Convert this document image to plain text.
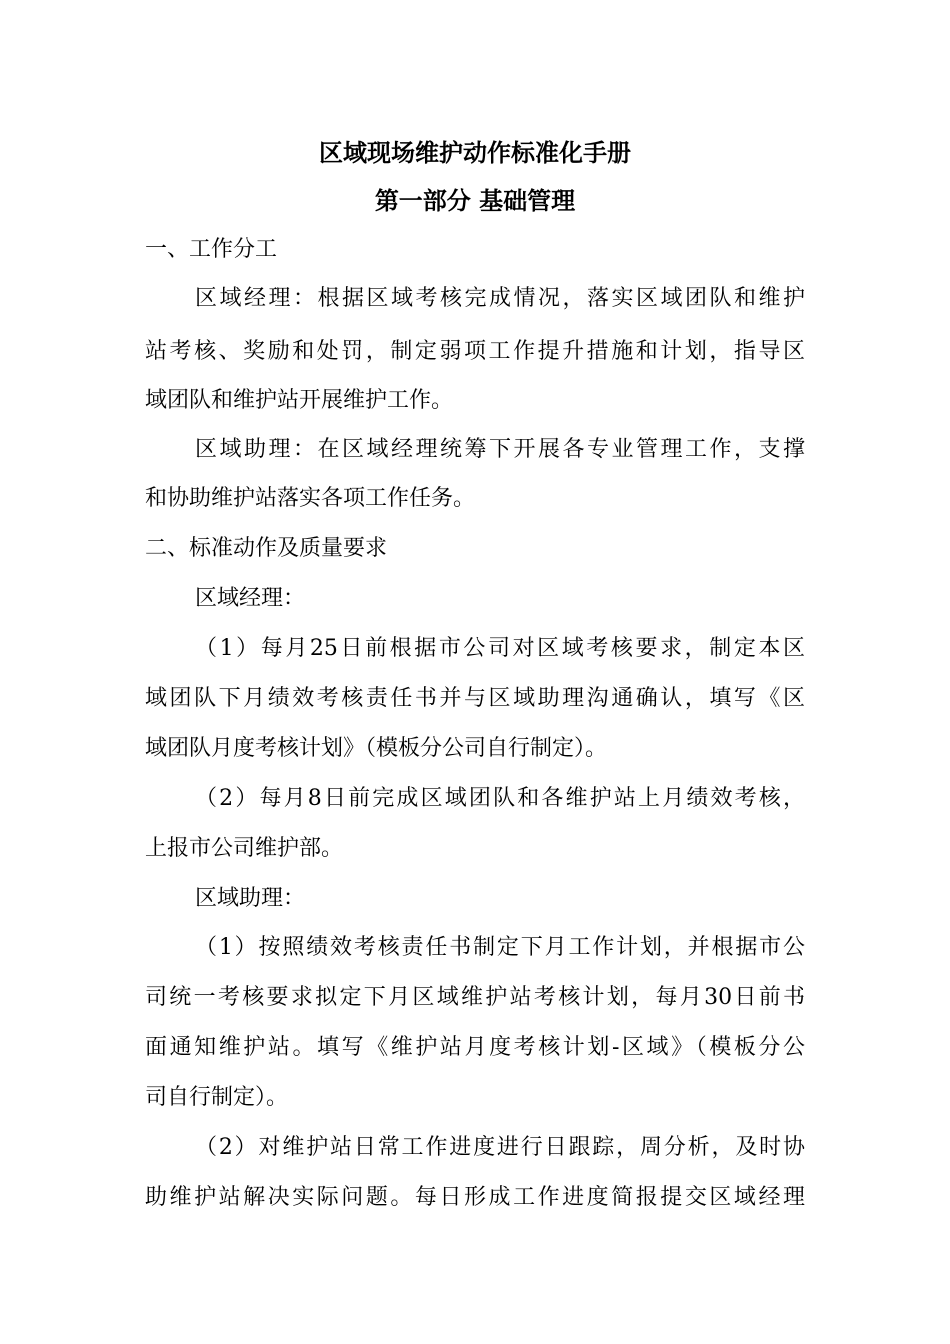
区域现场维护动作标准化手册
第一部分 基础管理
一、工作分工
区域经理：根据区域考核完成情况，落实区域团队和维护
站考核、奖励和处罚，制定弱项工作提升措施和计划，指导区
域团队和维护站开展维护工作。
区域助理：在区域经理统筹下开展各专业管理工作，支撑
和协助维护站落实各项工作任务。
二、标准动作及质量要求
区域经理：
（1）每月25日前根据市公司对区域考核要求，制定本区
域团队下月绩效考核责任书并与区域助理沟通确认，填写《区
域团队月度考核计划》（模板分公司自行制定）。
（2）每月8日前完成区域团队和各维护站上月绩效考核，
上报市公司维护部。
区域助理：
（1）按照绩效考核责任书制定下月工作计划，并根据市公
司统一考核要求拟定下月区域维护站考核计划，每月30日前书
面通知维护站。填写《维护站月度考核计划-区域》（模板分公
司自行制定）。
（2）对维护站日常工作进度进行日跟踪，周分析，及时协
助维护站解决实际问题。每日形成工作进度简报提交区域经理
